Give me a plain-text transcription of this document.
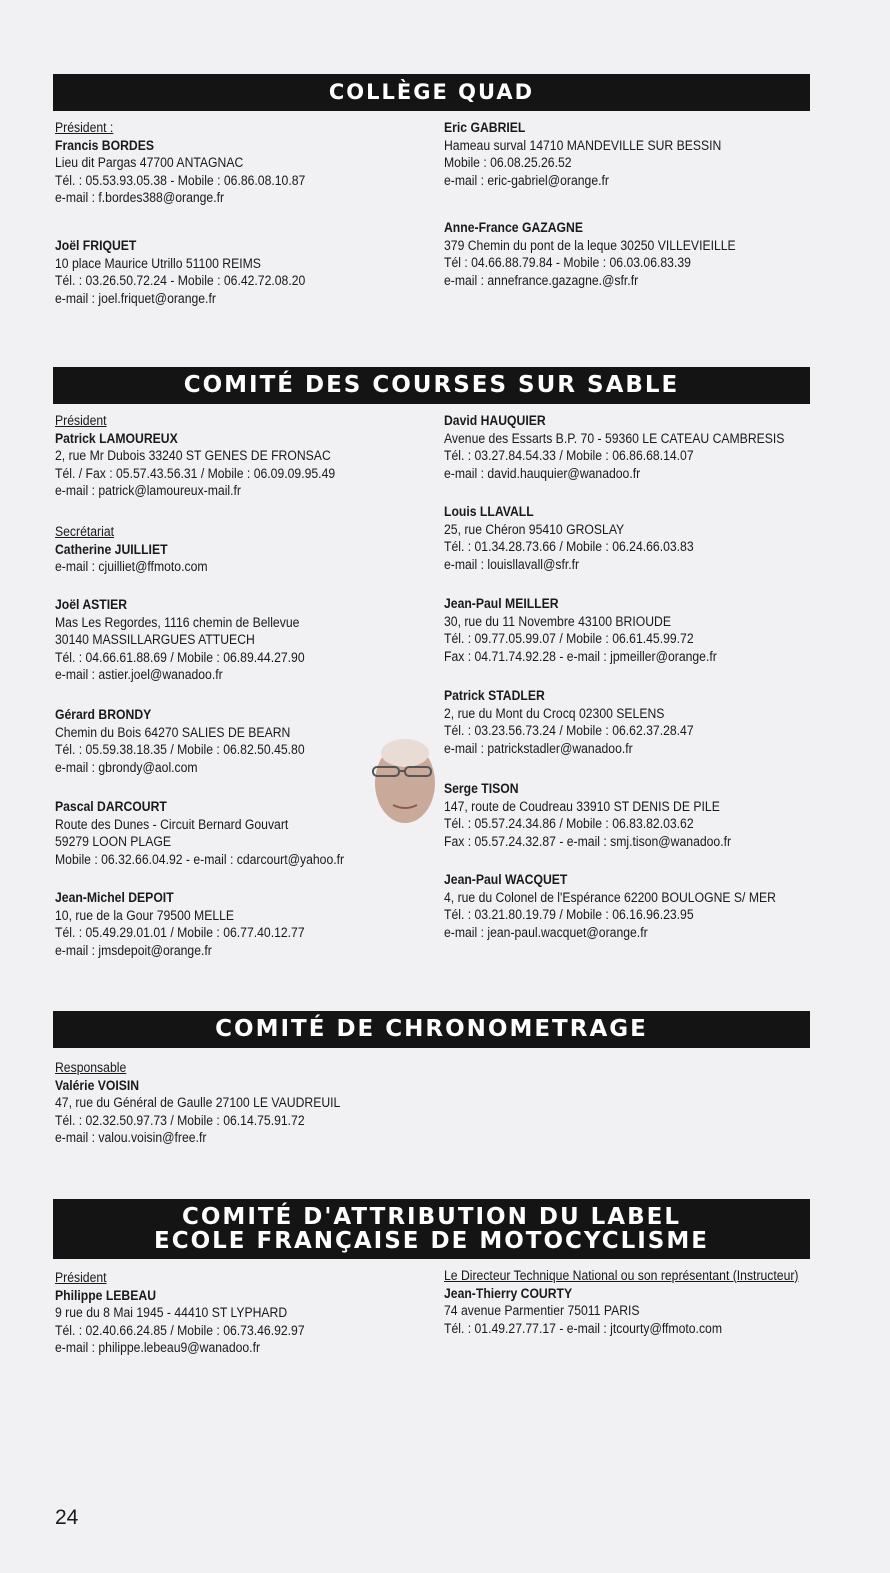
COLLÈGE QUAD
Président :
Francis BORDES
Lieu dit Pargas 47700 ANTAGNAC
Tél. : 05.53.93.05.38 - Mobile : 06.86.08.10.87
e-mail : f.bordes388@orange.fr
Joël FRIQUET
10 place Maurice Utrillo 51100 REIMS
Tél. : 03.26.50.72.24 - Mobile : 06.42.72.08.20
e-mail : joel.friquet@orange.fr
Eric GABRIEL
Hameau surval 14710 MANDEVILLE SUR BESSIN
Mobile : 06.08.25.26.52
e-mail : eric-gabriel@orange.fr
Anne-France GAZAGNE
379 Chemin du pont de la leque 30250 VILLEVIEILLE
Tél : 04.66.88.79.84 - Mobile : 06.03.06.83.39
e-mail : annefrance.gazagne.@sfr.fr
COMITÉ DES COURSES SUR SABLE
Président
Patrick LAMOUREUX
2, rue Mr Dubois 33240 ST GENES DE FRONSAC
Tél. / Fax : 05.57.43.56.31 / Mobile : 06.09.09.95.49
e-mail : patrick@lamoureux-mail.fr
Secrétariat
Catherine JUILLIET
e-mail : cjuilliet@ffmoto.com
Joël ASTIER
Mas Les Regordes, 1116 chemin de Bellevue
30140 MASSILLARGUES ATTUECH
Tél. : 04.66.61.88.69 / Mobile : 06.89.44.27.90
e-mail : astier.joel@wanadoo.fr
Gérard BRONDY
Chemin du Bois 64270 SALIES DE BEARN
Tél. : 05.59.38.18.35 / Mobile : 06.82.50.45.80
e-mail : gbrondy@aol.com
Pascal DARCOURT
Route des Dunes - Circuit Bernard Gouvart
59279 LOON PLAGE
Mobile : 06.32.66.04.92 - e-mail : cdarcourt@yahoo.fr
Jean-Michel DEPOIT
10, rue de la Gour 79500 MELLE
Tél. : 05.49.29.01.01 / Mobile : 06.77.40.12.77
e-mail : jmsdepoit@orange.fr
David HAUQUIER
Avenue des Essarts B.P. 70 - 59360 LE CATEAU CAMBRESIS
Tél. : 03.27.84.54.33 / Mobile : 06.86.68.14.07
e-mail : david.hauquier@wanadoo.fr
Louis LLAVALL
25, rue Chéron 95410 GROSLAY
Tél. : 01.34.28.73.66 / Mobile : 06.24.66.03.83
e-mail : louisllavall@sfr.fr
Jean-Paul MEILLER
30, rue du 11 Novembre 43100 BRIOUDE
Tél. : 09.77.05.99.07 / Mobile : 06.61.45.99.72
Fax : 04.71.74.92.28 - e-mail : jpmeiller@orange.fr
Patrick STADLER
2, rue du Mont du Crocq 02300 SELENS
Tél. : 03.23.56.73.24 / Mobile : 06.62.37.28.47
e-mail : patrickstadler@wanadoo.fr
Serge TISON
147, route de Coudreau 33910 ST DENIS DE PILE
Tél. : 05.57.24.34.86 / Mobile : 06.83.82.03.62
Fax : 05.57.24.32.87 - e-mail : smj.tison@wanadoo.fr
Jean-Paul WACQUET
4, rue du Colonel de l'Espérance 62200 BOULOGNE S/ MER
Tél. : 03.21.80.19.79 / Mobile : 06.16.96.23.95
e-mail : jean-paul.wacquet@orange.fr
COMITÉ DE CHRONOMETRAGE
Responsable
Valérie VOISIN
47, rue du Général de Gaulle 27100 LE VAUDREUIL
Tél. : 02.32.50.97.73 / Mobile : 06.14.75.91.72
e-mail : valou.voisin@free.fr
COMITÉ D'ATTRIBUTION DU LABEL
ECOLE FRANÇAISE DE MOTOCYCLISME
Président
Philippe LEBEAU
9 rue du 8 Mai 1945 - 44410 ST LYPHARD
Tél. : 02.40.66.24.85 / Mobile : 06.73.46.92.97
e-mail : philippe.lebeau9@wanadoo.fr
Le Directeur Technique National ou son représentant (Instructeur)
Jean-Thierry COURTY
74 avenue Parmentier 75011 PARIS
Tél. : 01.49.27.77.17 - e-mail : jtcourty@ffmoto.com
24
